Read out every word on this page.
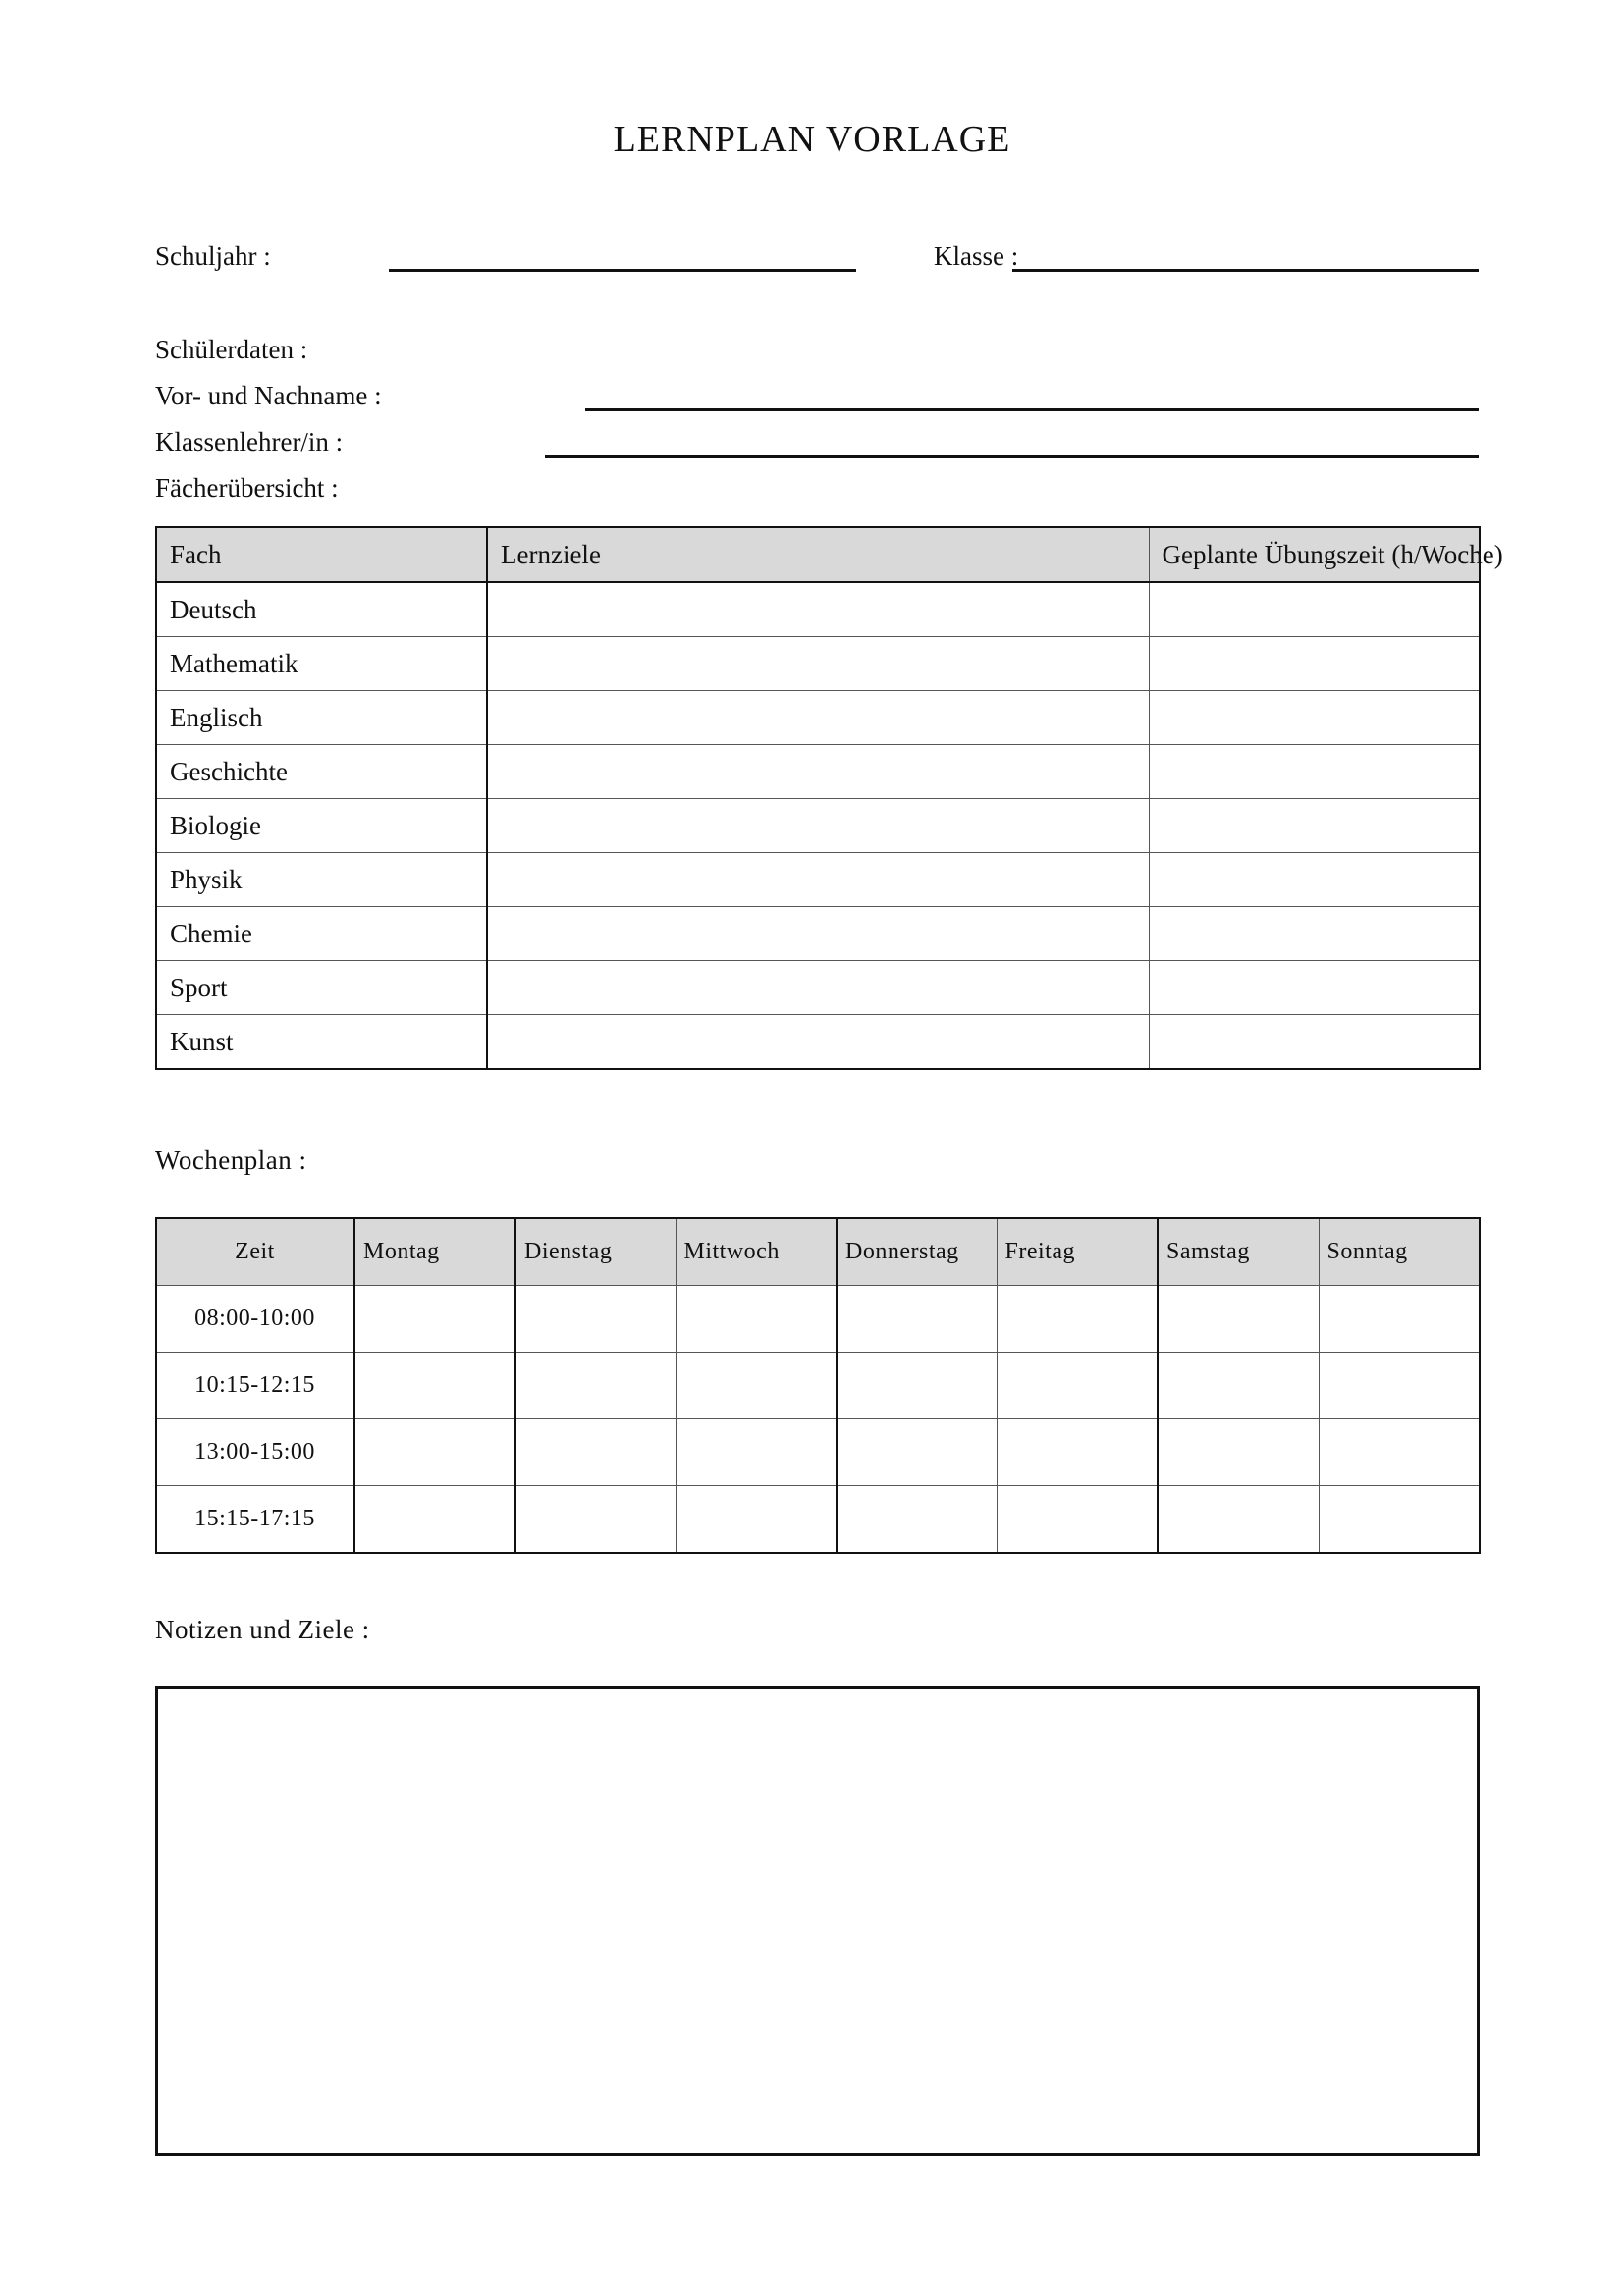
LERNPLAN VORLAGE
Schuljahr :	Klasse :
Schülerdaten :
Vor- und Nachname :
Klassenlehrer/in :
Fächerübersicht :
Fach	Lernziele	Geplante Übungszeit (h/Woche)
Deutsch		
Mathematik		
Englisch		
Geschichte		
Biologie		
Physik		
Chemie		
Sport		
Kunst		
Wochenplan :
Zeit	Montag	Dienstag	Mittwoch	Donnerstag	Freitag	Samstag	Sonntag
08:00-10:00							
10:15-12:15							
13:00-15:00							
15:15-17:15							
Notizen und Ziele :
